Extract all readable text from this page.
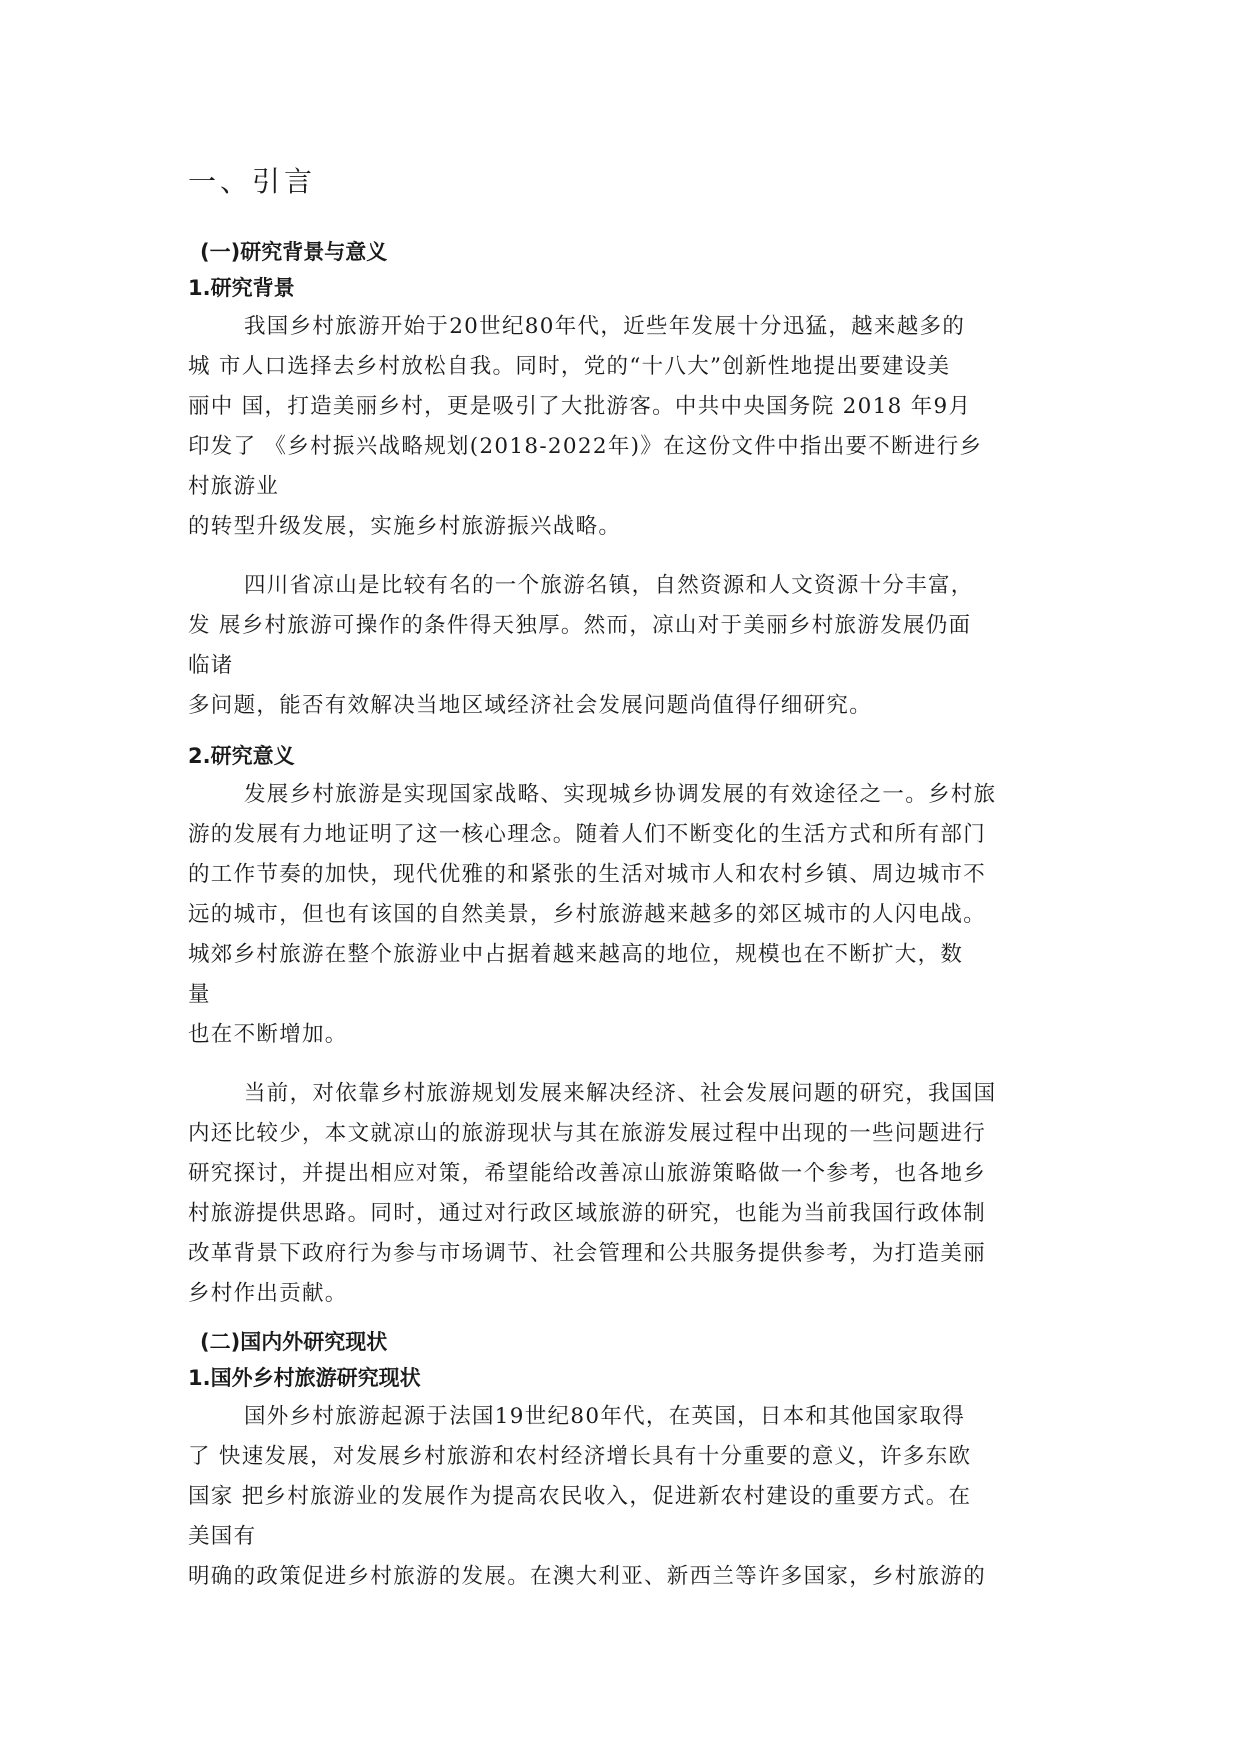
一、引言
(一)研究背景与意义
1.研究背景
我国乡村旅游开始于20世纪80年代，近些年发展十分迅猛，越来越多的
城 市人口选择去乡村放松自我。同时，党的“十八大”创新性地提出要建设美
丽中 国，打造美丽乡村，更是吸引了大批游客。中共中央国务院 2018 年9月
印发了 《乡村振兴战略规划(2018-2022年)》在这份文件中指出要不断进行乡
村旅游业
的转型升级发展，实施乡村旅游振兴战略。
四川省凉山是比较有名的一个旅游名镇，自然资源和人文资源十分丰富，
发 展乡村旅游可操作的条件得天独厚。然而，凉山对于美丽乡村旅游发展仍面
临诸
多问题，能否有效解决当地区域经济社会发展问题尚值得仔细研究。
2.研究意义
发展乡村旅游是实现国家战略、实现城乡协调发展的有效途径之一。乡村旅
游的发展有力地证明了这一核心理念。随着人们不断变化的生活方式和所有部门
的工作节奏的加快，现代优雅的和紧张的生活对城市人和农村乡镇、周边城市不
远的城市，但也有该国的自然美景，乡村旅游越来越多的郊区城市的人闪电战。
城郊乡村旅游在整个旅游业中占据着越来越高的地位，规模也在不断扩大，数
量
也在不断增加。
当前，对依靠乡村旅游规划发展来解决经济、社会发展问题的研究，我国国
内还比较少，本文就凉山的旅游现状与其在旅游发展过程中出现的一些问题进行
研究探讨，并提出相应对策，希望能给改善凉山旅游策略做一个参考，也各地乡
村旅游提供思路。同时，通过对行政区域旅游的研究，也能为当前我国行政体制
改革背景下政府行为参与市场调节、社会管理和公共服务提供参考，为打造美丽
乡村作出贡献。
(二)国内外研究现状
1.国外乡村旅游研究现状
国外乡村旅游起源于法国19世纪80年代，在英国，日本和其他国家取得
了 快速发展，对发展乡村旅游和农村经济增长具有十分重要的意义，许多东欧
国家 把乡村旅游业的发展作为提高农民收入，促进新农村建设的重要方式。在
美国有
明确的政策促进乡村旅游的发展。在澳大利亚、新西兰等许多国家，乡村旅游的
